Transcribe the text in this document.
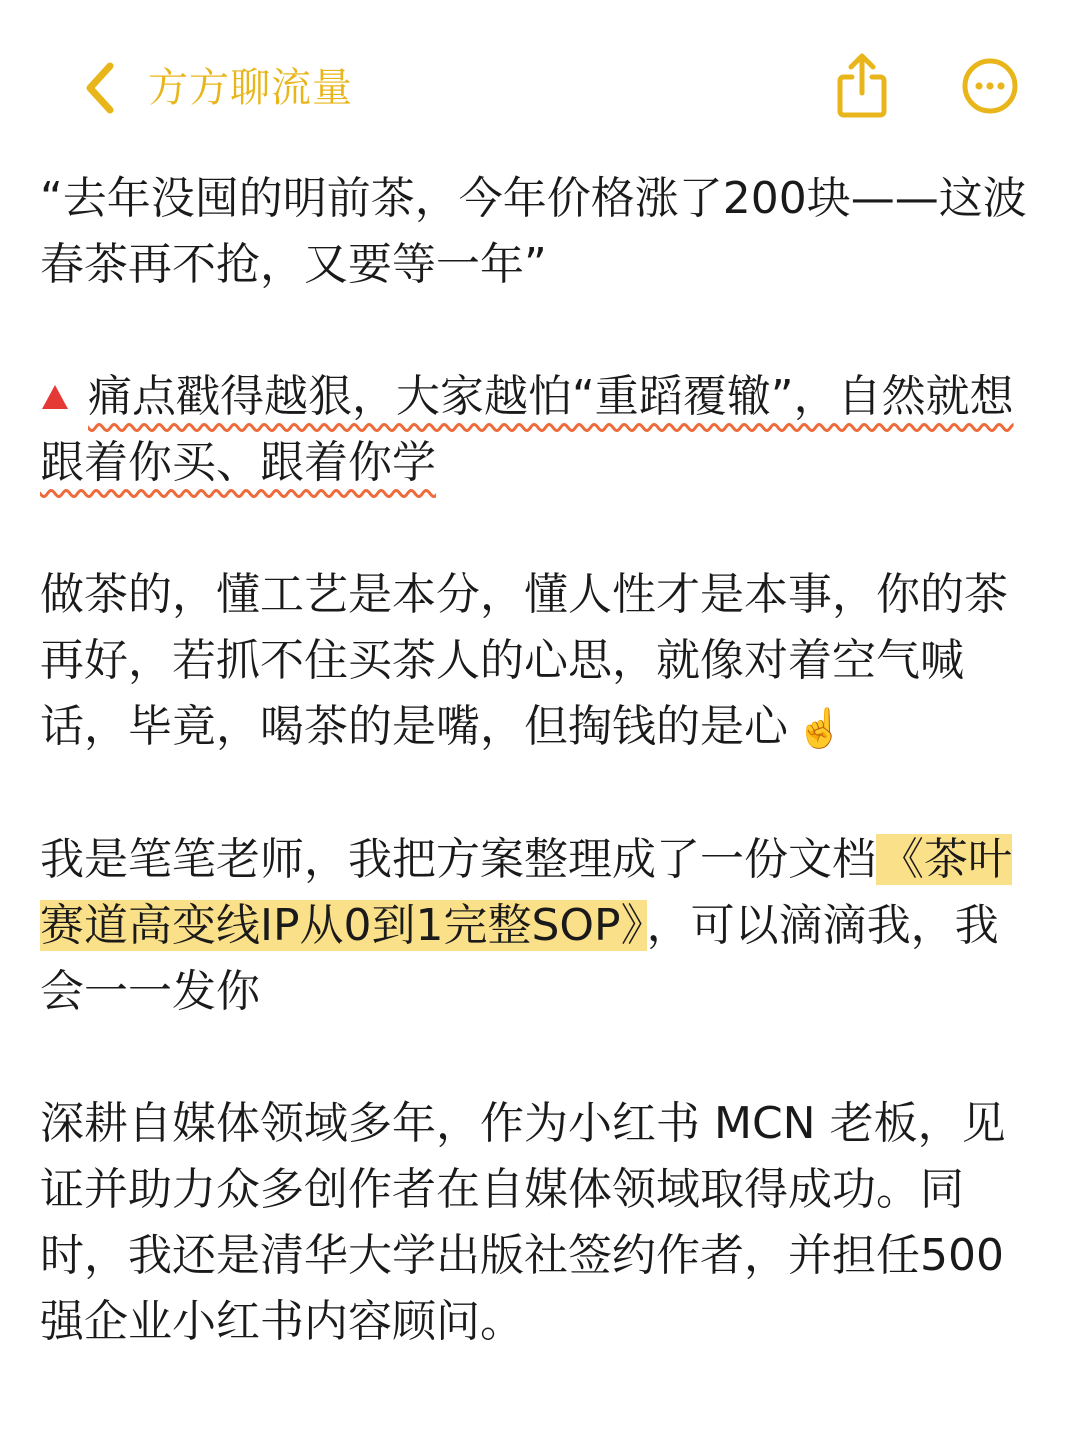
方方聊流量

“去年没囤的明前茶，今年价格涨了200块——这波春茶再不抢，又要等一年”

痛点戳得越狠，大家越怕“重蹈覆辙”，自然就想跟着你买、跟着你学

做茶的，懂工艺是本分，懂人性才是本事，你的茶再好，若抓不住买茶人的心思，就像对着空气喊话，毕竟，喝茶的是嘴，但掏钱的是心 ☝️

我是笔笔老师，我把方案整理成了一份文档《茶叶赛道高变线IP从0到1完整SOP》，可以滴滴我，我会一一发你

深耕自媒体领域多年，作为小红书 MCN 老板，见证并助力众多创作者在自媒体领域取得成功。同时，我还是清华大学出版社签约作者，并担任500强企业小红书内容顾问。
